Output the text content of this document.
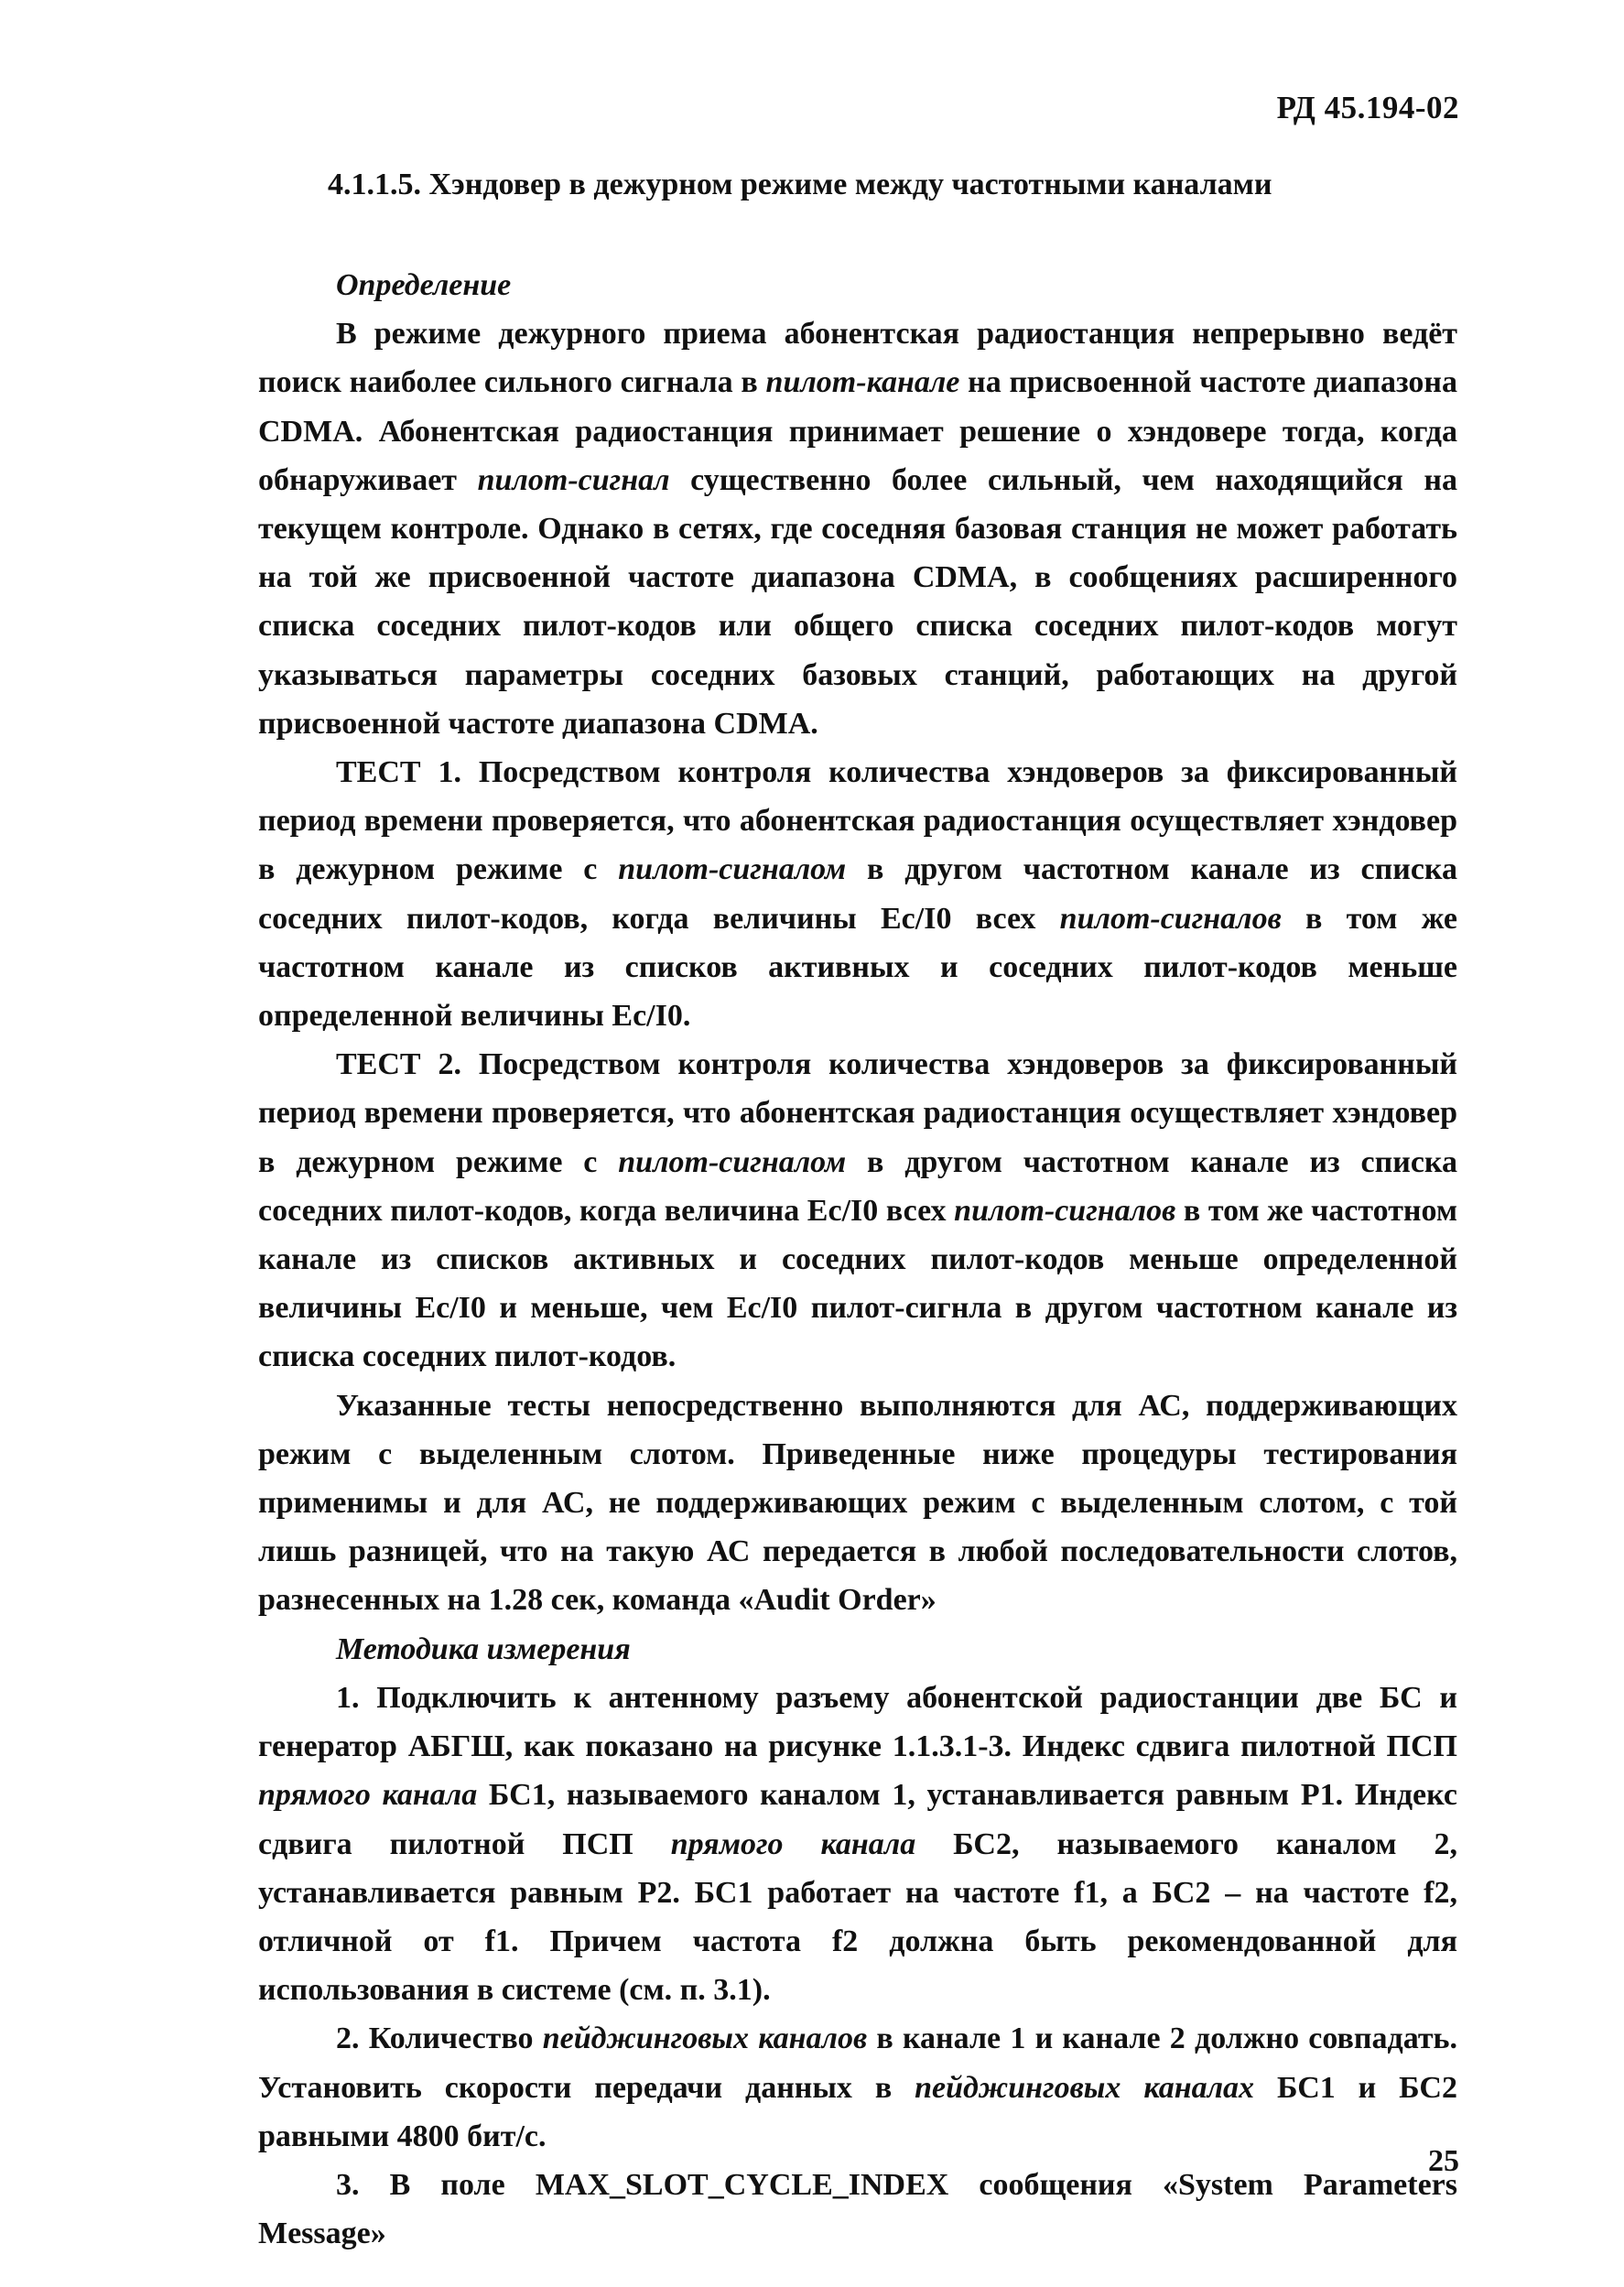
РД 45.194-02
4.1.1.5. Хэндовер в дежурном режиме между частотными каналами

Определение

В режиме дежурного приема абонентская радиостанция непрерывно ведёт поиск наиболее сильного сигнала в пилот-канале на присвоенной частоте диапазона CDMA. Абонентская радиостанция принимает решение о хэндовере тогда, когда обнаруживает пилот-сигнал существенно более сильный, чем находящийся на текущем контроле. Однако в сетях, где соседняя базовая станция не может работать на той же присвоенной частоте диапазона CDMA, в сообщениях расширенного списка соседних пилот-кодов или общего списка соседних пилот-кодов могут указываться параметры соседних базовых станций, работающих на другой присвоенной частоте диапазона CDMA.

ТЕСТ 1. Посредством контроля количества хэндоверов за фиксированный период времени проверяется, что абонентская радиостанция осуществляет хэндовер в дежурном режиме с пилот-сигналом в другом частотном канале из списка соседних пилот-кодов, когда величины Ec/I0 всех пилот-сигналов в том же частотном канале из списков активных и соседних пилот-кодов меньше определенной величины Ec/I0.

ТЕСТ 2. Посредством контроля количества хэндоверов за фиксированный период времени проверяется, что абонентская радиостанция осуществляет хэндовер в дежурном режиме с пилот-сигналом в другом частотном канале из списка соседних пилот-кодов, когда величина Ec/I0 всех пилот-сигналов в том же частотном канале из списков активных и соседних пилот-кодов меньше определенной величины Ec/I0 и меньше, чем Ec/I0 пилот-сигнла в другом частотном канале из списка соседних пилот-кодов.

Указанные тесты непосредственно выполняются для АС, поддерживающих режим с выделенным слотом. Приведенные ниже процедуры тестирования применимы и для АС, не поддерживающих режим с выделенным слотом, с той лишь разницей, что на такую АС передается в любой последовательности слотов, разнесенных на 1.28 сек, команда «Audit Order»

Методика измерения

1. Подключить к антенному разъему абонентской радиостанции две БС и генератор АБГШ, как показано на рисунке 1.1.3.1-3. Индекс сдвига пилотной ПСП прямого канала БС1, называемого каналом 1, устанавливается равным Р1. Индекс сдвига пилотной ПСП прямого канала БС2, называемого каналом 2, устанавливается равным Р2. БС1 работает на частоте f1, а БС2 – на частоте f2, отличной от f1. Причем частота f2 должна быть рекомендованной для использования в системе (см. п. 3.1).

2. Количество пейджинговых каналов в канале 1 и канале 2 должно совпадать. Установить скорости передачи данных в пейджинговых каналах БС1 и БС2 равными 4800 бит/с.

3. В поле MAX_SLOT_CYCLE_INDEX сообщения «System Parameters Message»

25
